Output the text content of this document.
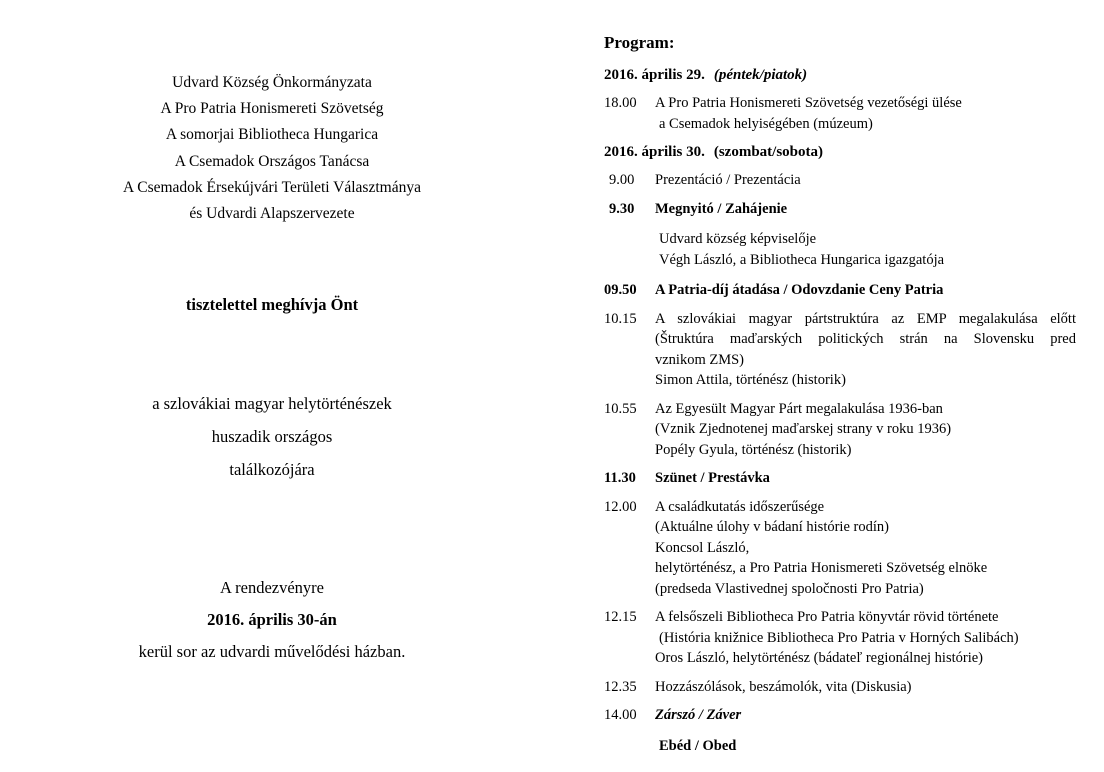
Udvard Község Önkormányzata
A Pro Patria Honismereti Szövetség
A somorjai Bibliotheca Hungarica
A Csemadok Országos Tanácsa
A Csemadok Érsekújvári Területi Választmánya
és Udvardi Alapszervezete
tisztelettel meghívja Önt
a szlovákiai magyar helytörténészek
huszadik országos
találkozójára
A rendezvényre
2016. április 30-án
kerül sor az udvardi művelődési házban.
Program:
2016. április 29. (péntek/piatok)
18.00	A Pro Patria Honismereti Szövetség vezetőségi ülése
a Csemadok helyiségében (múzeum)
2016. április 30. (szombat/sobota)
9.00	Prezentáció / Prezentácia
9.30	Megnyitó / Zahájenie
Udvard község képviselője
Végh László, a Bibliotheca Hungarica igazgatója
09.50	A Patria-díj átadása / Odovzdanie Ceny Patria
10.15	A szlovákiai magyar pártstruktúra az EMP megalakulása előtt
(Štruktúra maďarských politických strán na Slovensku pred
vznikom ZMS)
Simon Attila, történész (historik)
10.55	Az Egyesült Magyar Párt megalakulása 1936-ban
(Vznik Zjednotenej maďarskej strany v roku 1936)
Popély Gyula, történész (historik)
11.30	Szünet / Prestávka
12.00	A családkutatás időszerűsége
(Aktuálne úlohy v bádaní histórie rodín)
Koncsol László,
helytörténész, a Pro Patria Honismereti Szövetség elnöke
(predseda Vlastivednej spoločnosti Pro Patria)
12.15	A felsőszeli Bibliotheca Pro Patria könyvtár rövid története
(História knižnice Bibliotheca Pro Patria v Horných Salibách)
Oros László, helytörténész (bádateľ regionálnej histórie)
12.35	Hozzászólások, beszámolók, vita (Diskusia)
14.00	Zárszó / Záver
Ebéd / Obed
